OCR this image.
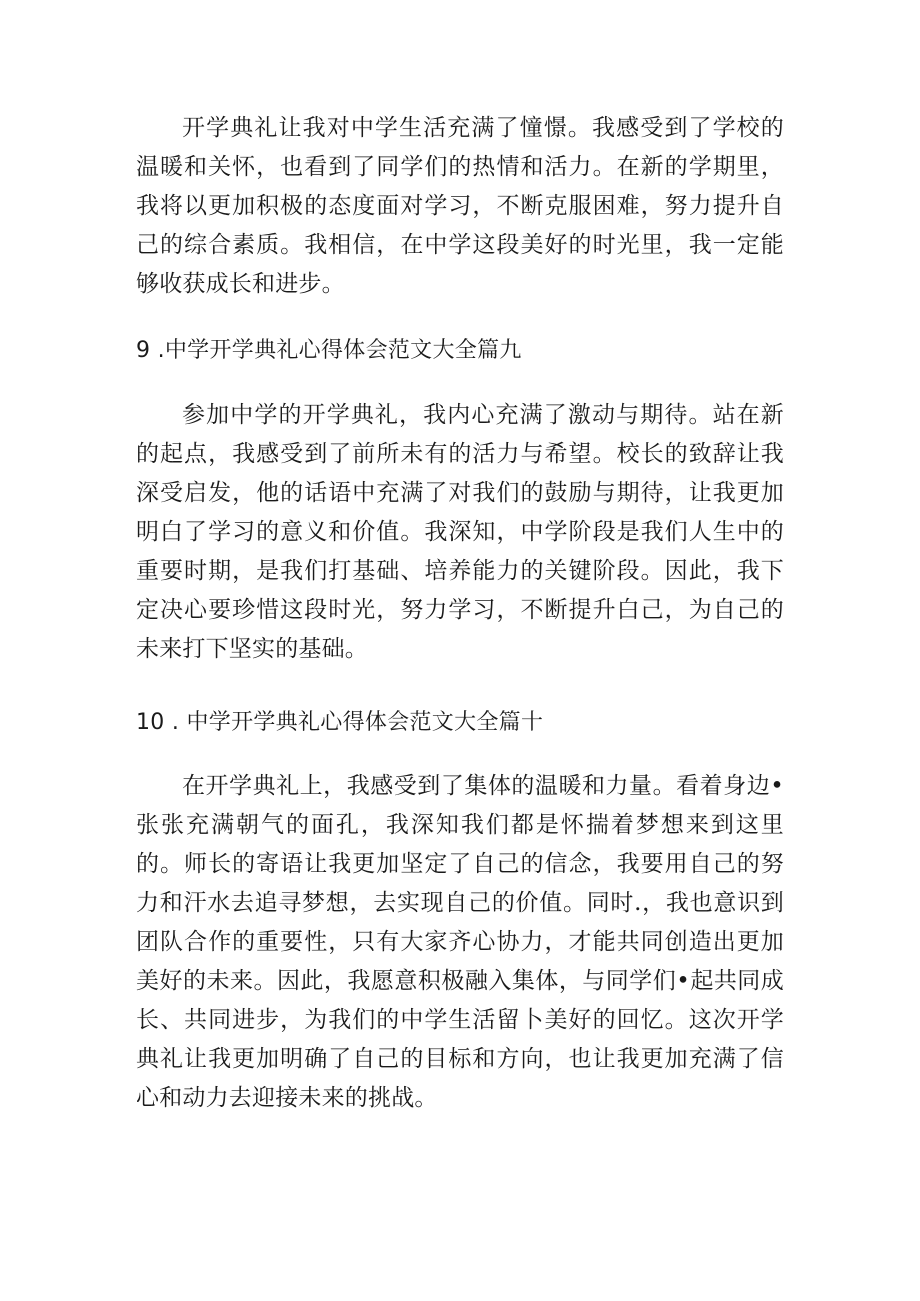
开学典礼让我对中学生活充满了憧憬。我感受到了学校的温暖和关怀，也看到了同学们的热情和活力。在新的学期里，我将以更加积极的态度面对学习，不断克服困难，努力提升自己的综合素质。我相信，在中学这段美好的时光里，我一定能够收获成长和进步。

9 .中学开学典礼心得体会范文大全篇九

参加中学的开学典礼，我内心充满了激动与期待。站在新的起点，我感受到了前所未有的活力与希望。校长的致辞让我深受启发，他的话语中充满了对我们的鼓励与期待，让我更加明白了学习的意义和价值。我深知，中学阶段是我们人生中的重要时期，是我们打基础、培养能力的关键阶段。因此，我下定决心要珍惜这段时光，努力学习，不断提升白己，为自己的未来打下坚实的基础。

10 . 中学开学典礼心得体会范文大全篇十

在开学典礼上，我感受到了集体的温暖和力量。看着身边•张张充满朝气的面孔，我深知我们都是怀揣着梦想来到这里的。师长的寄语让我更加坚定了自己的信念，我要用自己的努力和汗水去追寻梦想，去实现自己的价值。同时.，我也意识到团队合作的重要性，只有大家齐心协力，才能共同创造出更加美好的未来。因此，我愿意积极融入集体，与同学们•起共同成长、共同进步，为我们的中学生活留卜美好的回忆。这次开学典礼让我更加明确了自己的目标和方向，也让我更加充满了信心和动力去迎接未来的挑战。
